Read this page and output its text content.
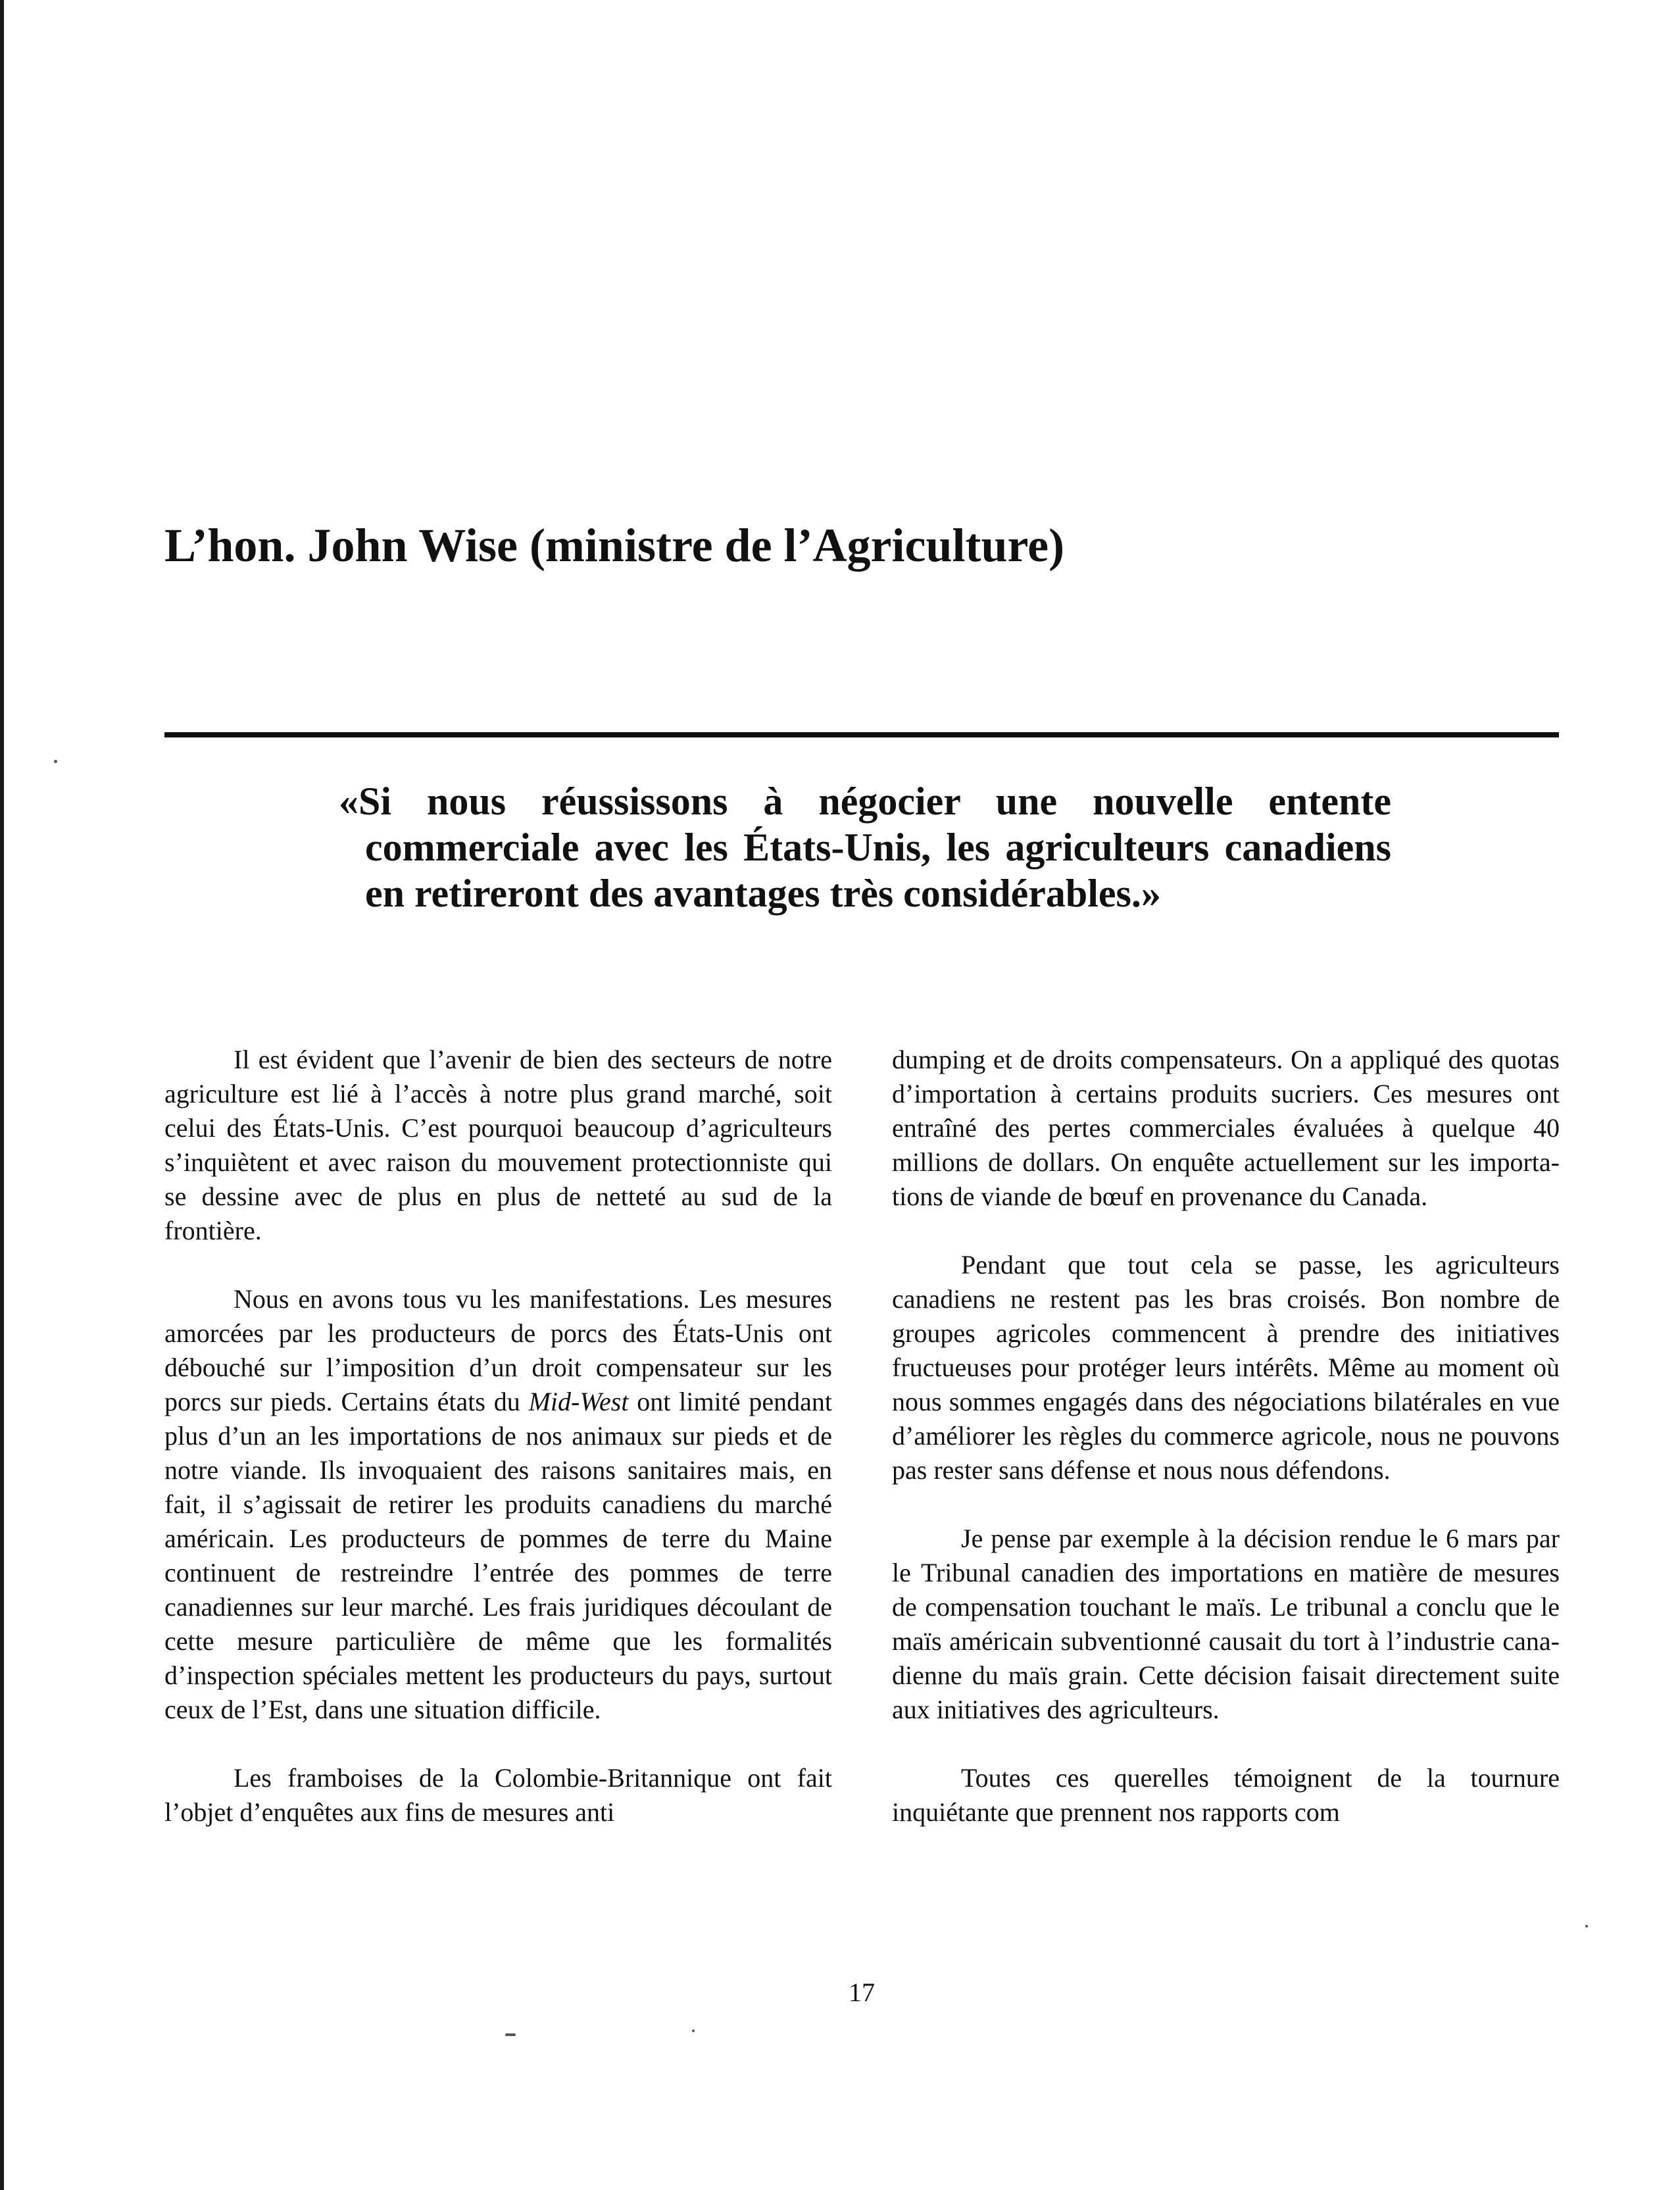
L’hon. John Wise (ministre de l’Agriculture)

«Si nous réussissons à négocier une nouvelle entente commerciale avec les États-Unis, les agriculteurs canadiens en retireront des avantages très considérables.»

Il est évident que l’avenir de bien des secteurs de notre agriculture est lié à l’accès à notre plus grand marché, soit celui des États-Unis. C’est pourquoi beaucoup d’agriculteurs s’inquiètent et avec raison du mouvement protectionniste qui se dessine avec de plus en plus de netteté au sud de la frontière.

Nous en avons tous vu les manifestations. Les mesures amorcées par les producteurs de porcs des États-Unis ont débouché sur l’imposition d’un droit compensateur sur les porcs sur pieds. Certains états du Mid-West ont limité pendant plus d’un an les importations de nos animaux sur pieds et de notre viande. Ils invoquaient des raisons sanitaires mais, en fait, il s’agissait de retirer les produits canadiens du marché américain. Les producteurs de pommes de terre du Maine continuent de restreindre l’entrée des pommes de terre canadiennes sur leur marché. Les frais juridiques découlant de cette mesure particulière de même que les formalités d’inspection spéciales mettent les producteurs du pays, surtout ceux de l’Est, dans une situation difficile.

Les framboises de la Colombie-Britannique ont fait l’objet d’enquêtes aux fins de mesures anti

dumping et de droits compensateurs. On a appliqué des quotas d’importation à certains produits sucriers. Ces mesures ont entraîné des pertes commerciales évaluées à quelque 40 millions de dollars. On enquête actuellement sur les importations de viande de bœuf en provenance du Canada.

Pendant que tout cela se passe, les agriculteurs canadiens ne restent pas les bras croisés. Bon nombre de groupes agricoles commencent à prendre des initiatives fructueuses pour protéger leurs intérêts. Même au moment où nous sommes engagés dans des négociations bilatérales en vue d’améliorer les règles du commerce agricole, nous ne pouvons pas rester sans défense et nous nous défendons.

Je pense par exemple à la décision rendue le 6 mars par le Tribunal canadien des importations en matière de mesures de compensation touchant le maïs. Le tribunal a conclu que le maïs américain subventionné causait du tort à l’industrie canadienne du maïs grain. Cette décision faisait directement suite aux initiatives des agriculteurs.

Toutes ces querelles témoignent de la tournure inquiétante que prennent nos rapports com

17
